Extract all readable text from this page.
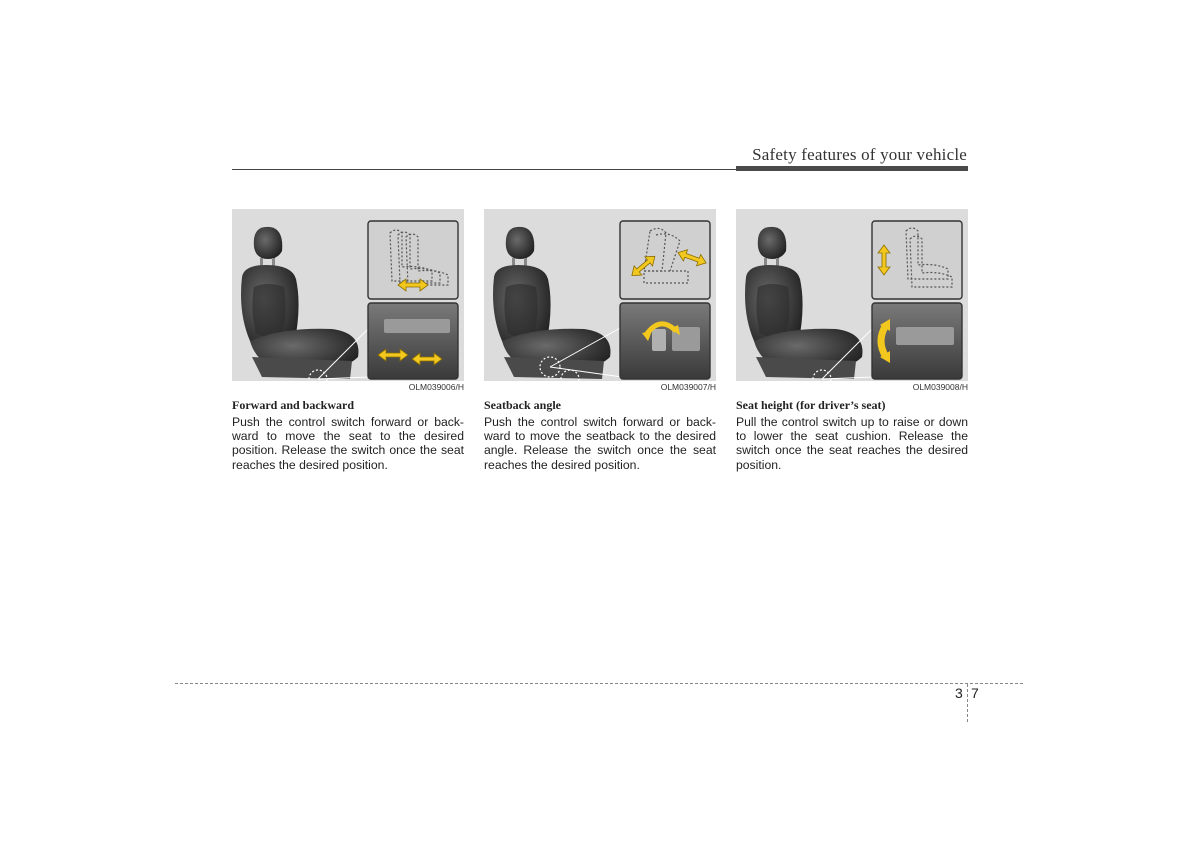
Safety features of your vehicle
OLM039006/H
Forward and backward
Push the control switch forward or back-ward to move the seat to the desired position. Release the switch once the seat reaches the desired position.
OLM039007/H
Seatback angle
Push the control switch forward or back-ward to move the seatback to the desired angle. Release the switch once the seat reaches the desired position.
OLM039008/H
Seat height (for driver’s seat)
Pull the control switch up to raise or down to lower the seat cushion. Release the switch once the seat reaches the desired position.
3 7
